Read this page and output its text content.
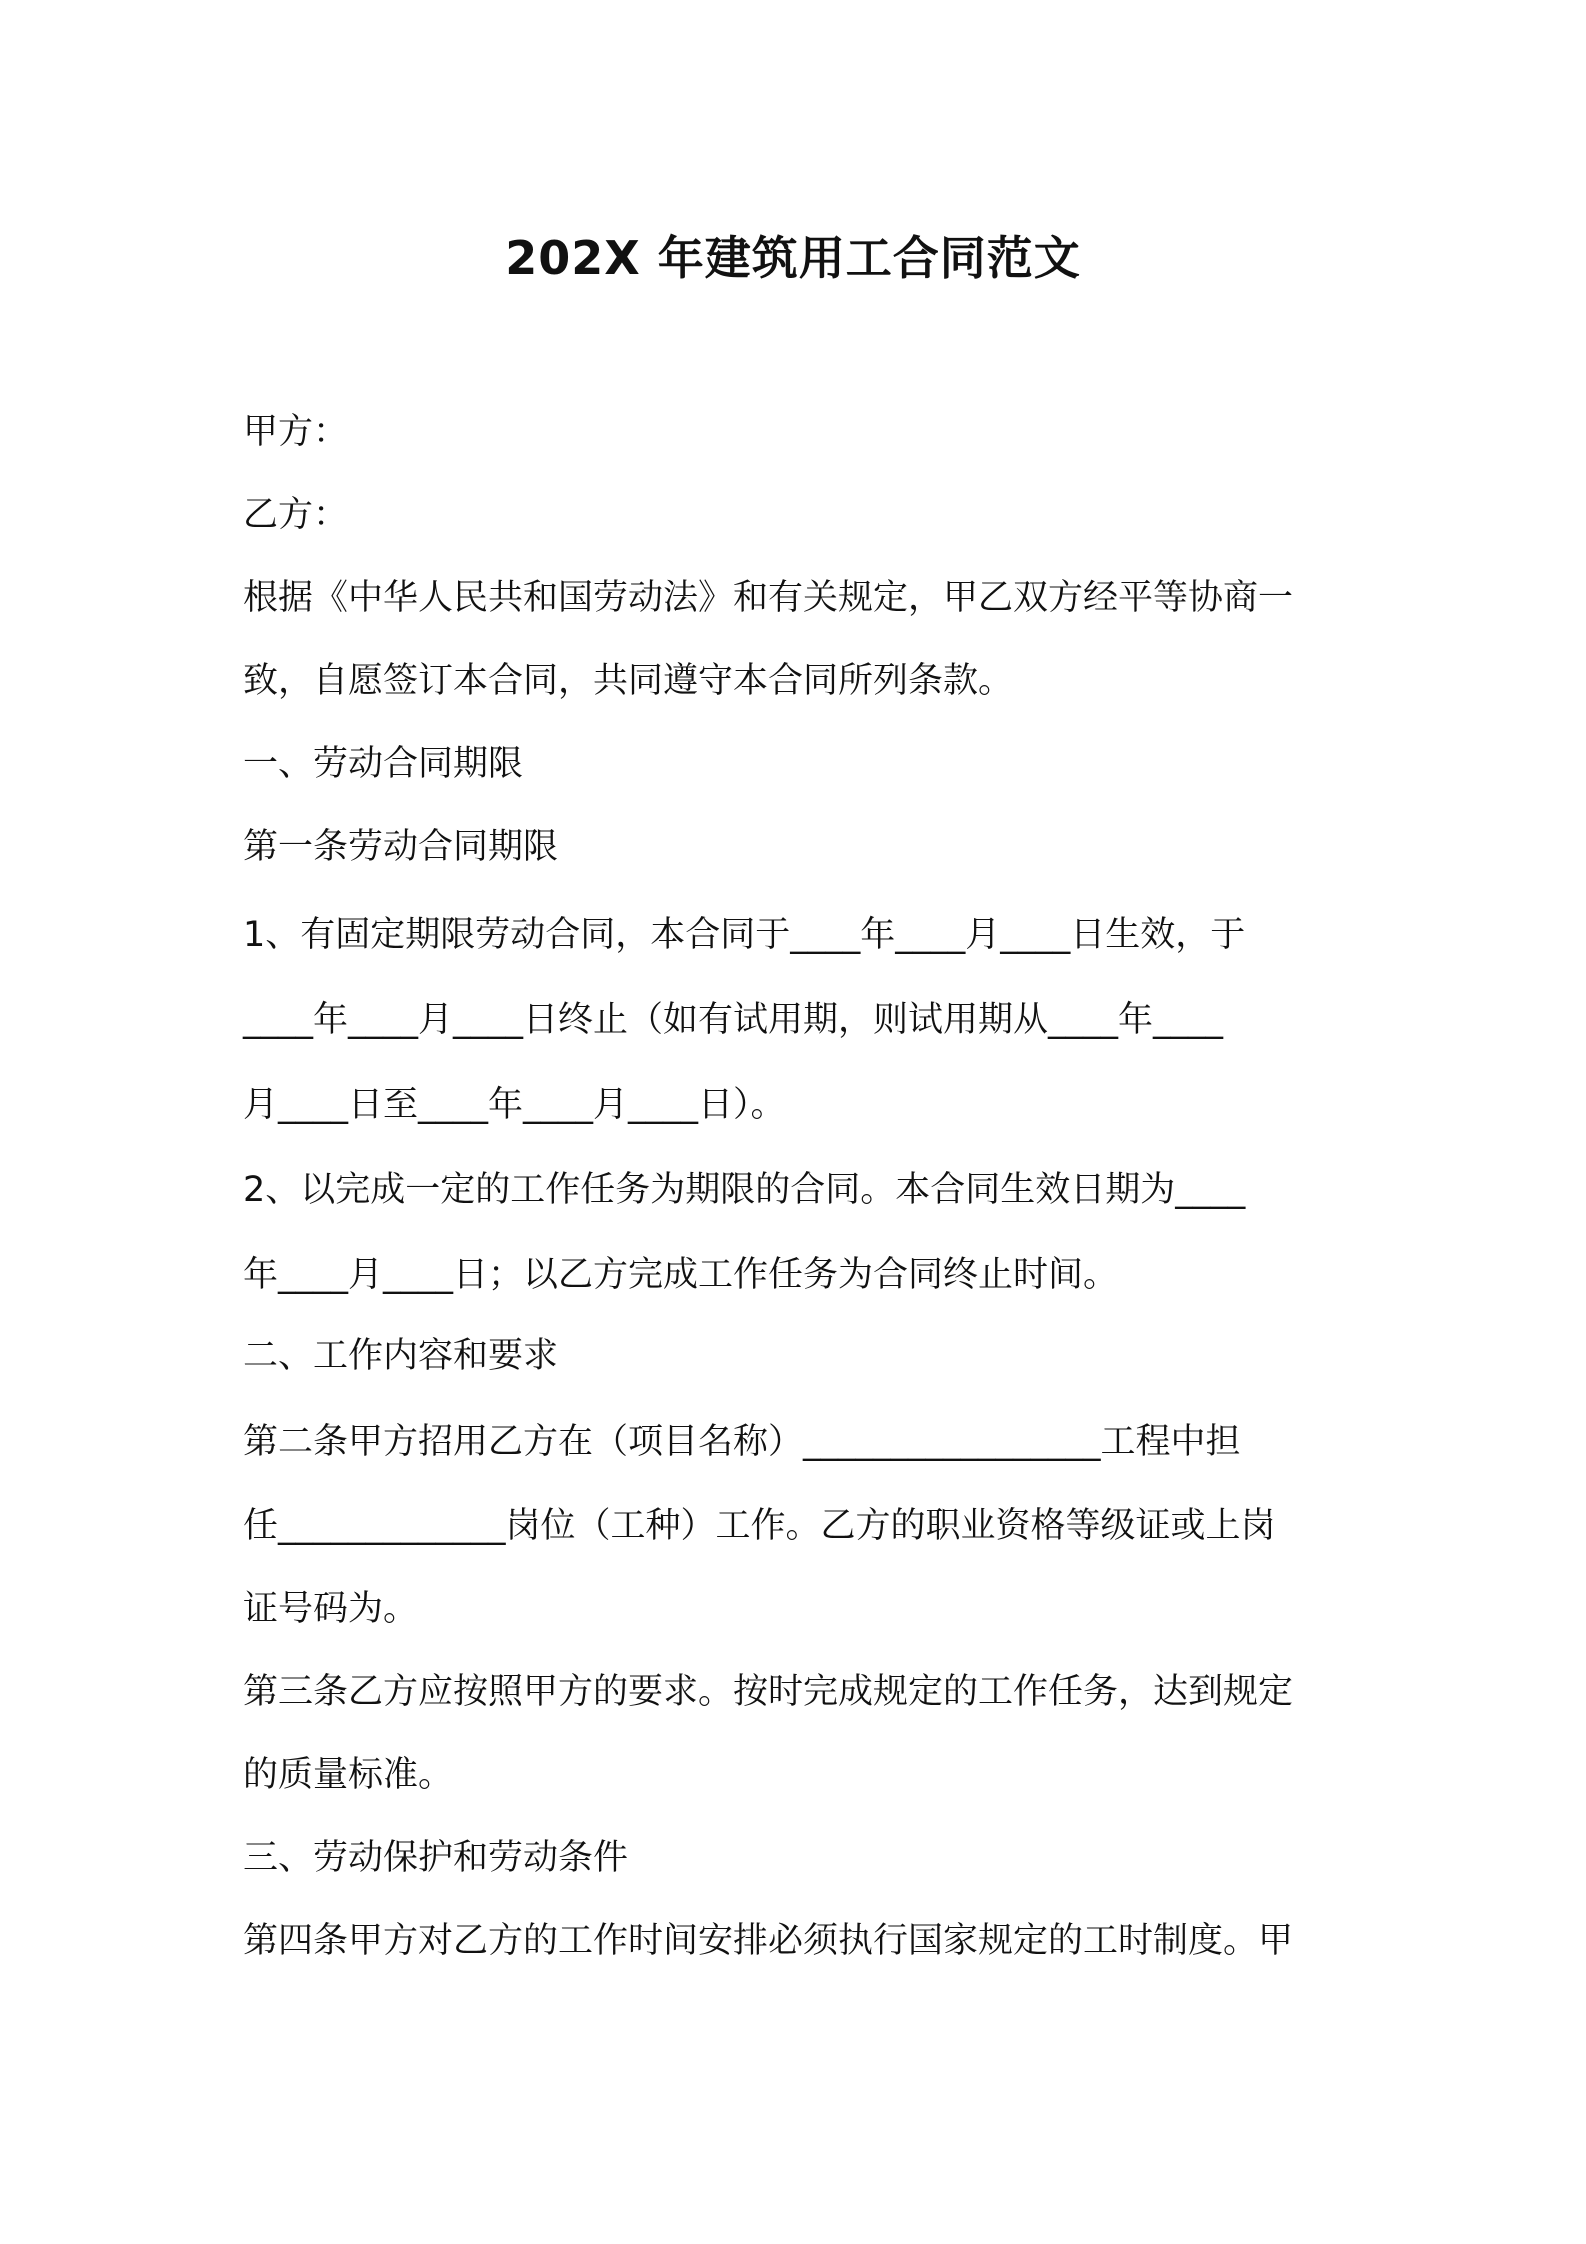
202X 年建筑用工合同范文

甲方：

乙方：

根据《中华人民共和国劳动法》和有关规定，甲乙双方经平等协商一

致，自愿签订本合同，共同遵守本合同所列条款。

一、劳动合同期限

第一条劳动合同期限

1、有固定期限劳动合同，本合同于____年____月____日生效，于

____年____月____日终止（如有试用期，则试用期从____年____

月____日至____年____月____日）。

2、以完成一定的工作任务为期限的合同。本合同生效日期为____

年____月____日；以乙方完成工作任务为合同终止时间。

二、工作内容和要求

第二条甲方招用乙方在（项目名称）_________________工程中担

任_____________岗位（工种）工作。乙方的职业资格等级证或上岗

证号码为。

第三条乙方应按照甲方的要求。按时完成规定的工作任务，达到规定

的质量标准。

三、劳动保护和劳动条件

第四条甲方对乙方的工作时间安排必须执行国家规定的工时制度。甲
